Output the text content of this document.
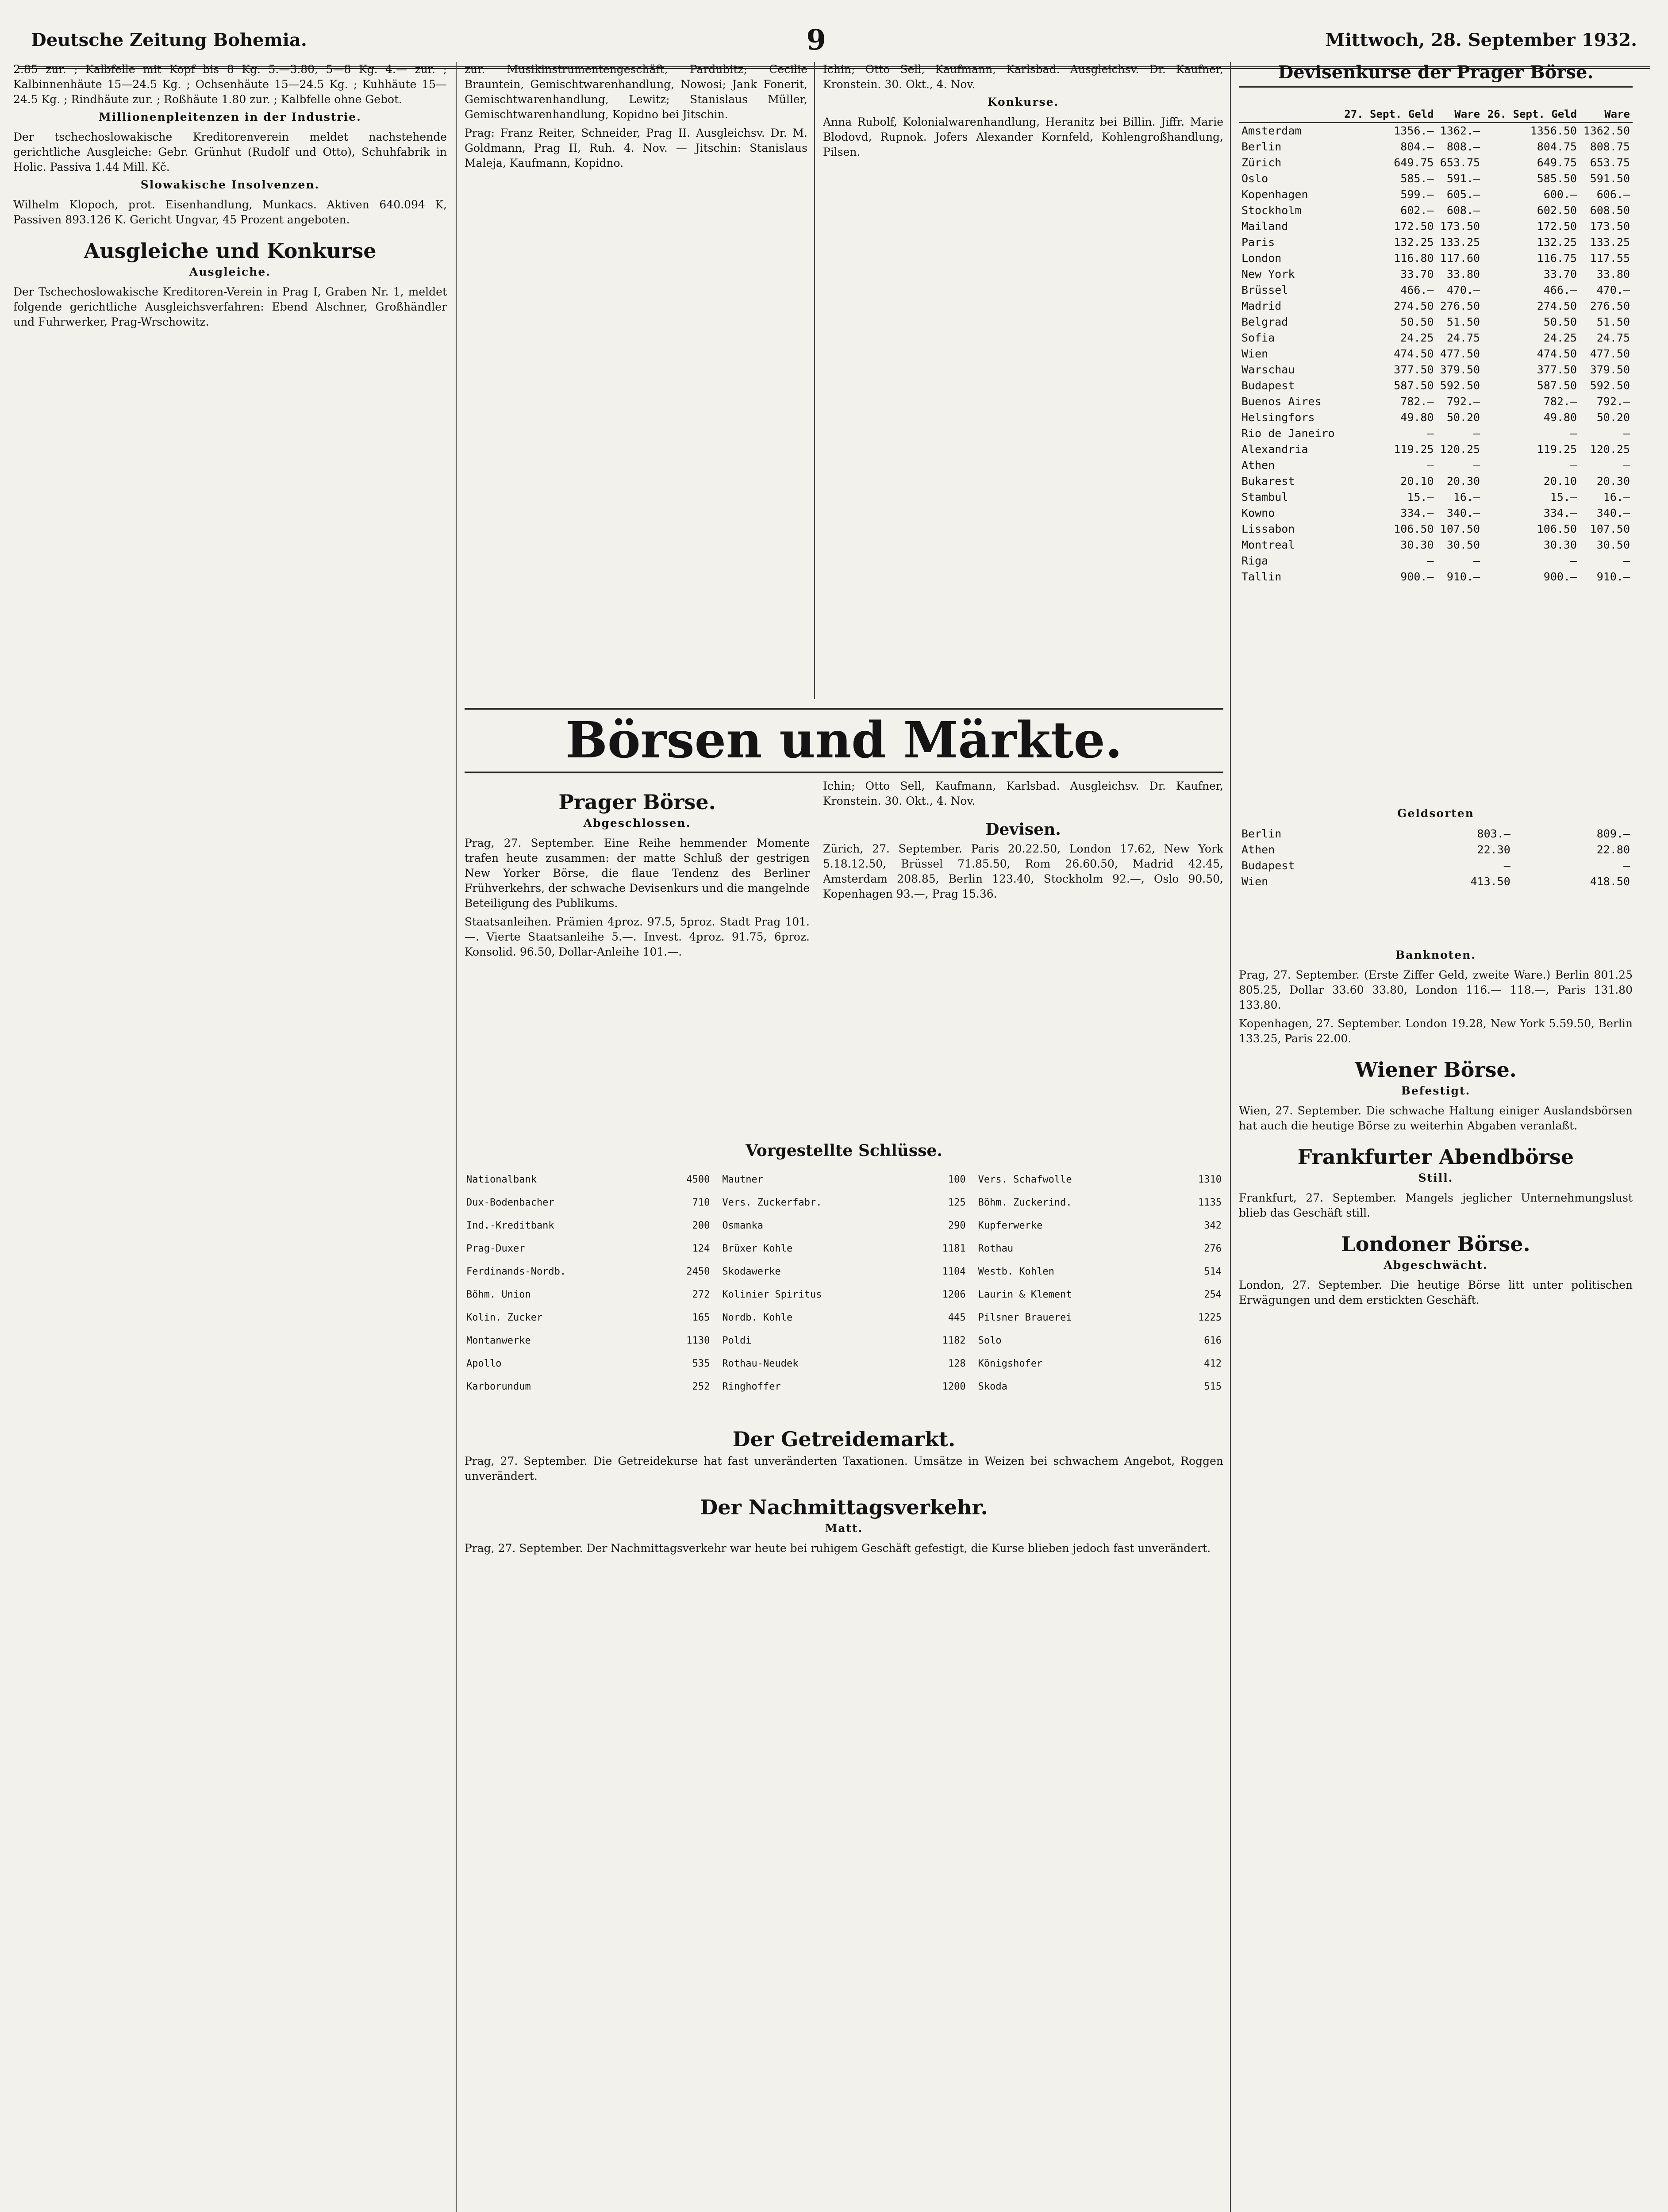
Deutsche Zeitung Bohemia.	9	Mittwoch, 28. September 1932.

2.85 zur. ; Kalbfelle mit Kopf bis 8 Kg. 5.—3.80, 5—8 Kg. 4.— zur. ; Kalbinnenhäute 15—24.5 Kg. ; Ochsenhäute 15—24.5 Kg. ; Kuhhäute 15—24.5 Kg. ; Rindhäute zur. ; Roßhäute 1.80 zur. ; Kalbfelle ohne Gebot.

Millionenpleitenzen in der Industrie.

Der tschechoslowakische Kreditorenverein meldet nachstehende gerichtliche Ausgleiche: Gebr. Grünhut (Rudolf und Otto), Schuhfabrik in Holic. Passiva 1.44 Mill. Kč.

Slowakische Insolvenzen.

Wilhelm Klopoch, prot. Eisenhandlung, Munkacs. Aktiven 640.094 K, Passiven 893.126 K. Gericht Ungvar, 45 Prozent angeboten.

Ausgleiche und Konkurse
Ausgleiche.

Der Tschechoslowakische Kreditoren-Verein in Prag I, Graben Nr. 1, meldet folgende gerichtliche Ausgleichsverfahren: Ebend Alschner, Großhändler und Fuhrwerker, Prag-Wrschowitz.

zur. Musikinstrumentengeschäft, Pardubitz; Cecilie Brauntein, Gemischtwarenhandlung, Nowosi; Jank Fonerit, Gemischtwarenhandlung, Lewitz; Stanislaus Müller, Gemischtwarenhandlung, Kopidno bei Jitschin.

Prag: Franz Reiter, Schneider, Prag II. Ausgleichsv. Dr. M. Goldmann, Prag II, Ruh. 4. Nov. — Jitschin: Stanislaus Maleja, Kaufmann, Kopidno.

Ichin; Otto Sell, Kaufmann, Karlsbad. Ausgleichsv. Dr. Kaufner, Kronstein. 30. Okt., 4. Nov.

Konkurse.

Anna Rubolf, Kolonialwarenhandlung, Heranitz bei Billin. Jiffr. Marie Blodovd, Rupnok. Jofers Alexander Kornfeld, Kohlengroßhandlung, Pilsen.

Börsen und Märkte.
Prager Börse.
Abgeschlossen.

Prag, 27. September. Eine Reihe hemmender Momente trafen heute zusammen: der matte Schluß der gestrigen New Yorker Börse, die flaue Tendenz des Berliner Frühverkehrs, der schwache Devisenkurs und die mangelnde Beteiligung des Publikums.

Staatsanleihen. Prämien 4proz. 97.5, 5proz. Stadt Prag 101.—. Vierte Staatsanleihe 5.—. Invest. 4proz. 91.75, 6proz. Konsolid. 96.50, Dollar-Anleihe 101.—.

Ichin; Otto Sell, Kaufmann, Karlsbad. Ausgleichsv. Dr. Kaufner, Kronstein. 30. Okt., 4. Nov.

Devisen.

Zürich, 27. September. Paris 20.22.50, London 17.62, New York 5.18.12.50, Brüssel 71.85.50, Rom 26.60.50, Madrid 42.45, Amsterdam 208.85, Berlin 123.40, Stockholm 92.—, Oslo 90.50, Kopenhagen 93.—, Prag 15.36.

Vorgestellte Schlüsse.
Nationalbank	4500
Dux-Bodenbacher	710
Ind.-Kreditbank	200
Prag-Duxer	124
Ferdinands-Nordb.	2450
Böhm. Union	272
Kolin. Zucker	165
Montanwerke	1130
Apollo	535
Karborundum	252
Mautner	100
Vers. Zuckerfabr.	125
Osmanka	290
Brüxer Kohle	1181
Skodawerke	1104
Kolinier Spiritus	1206
Nordb. Kohle	445
Poldi	1182
Rothau-Neudek	128
Ringhoffer	1200
Vers. Schafwolle	1310
Böhm. Zuckerind.	1135
Kupferwerke	342
Rothau	276
Westb. Kohlen	514
Laurin & Klement	254
Pilsner Brauerei	1225
Solo	616
Königshofer	412
Skoda	515
Der Getreidemarkt.

Prag, 27. September. Die Getreidekurse hat fast unveränderten Taxationen. Umsätze in Weizen bei schwachem Angebot, Roggen unverändert.

Der Nachmittagsverkehr.
Matt.

Prag, 27. September. Der Nachmittagsverkehr war heute bei ruhigem Geschäft gefestigt, die Kurse blieben jedoch fast unverändert.

Devisenkurse der Prager Börse.
	27. Sept. Geld	Ware	26. Sept. Geld	Ware
Amsterdam	1356.—	1362.—	1356.50	1362.50
Berlin	804.—	808.—	804.75	808.75
Zürich	649.75	653.75	649.75	653.75
Oslo	585.—	591.—	585.50	591.50
Kopenhagen	599.—	605.—	600.—	606.—
Stockholm	602.—	608.—	602.50	608.50
Mailand	172.50	173.50	172.50	173.50
Paris	132.25	133.25	132.25	133.25
London	116.80	117.60	116.75	117.55
New York	33.70	33.80	33.70	33.80
Brüssel	466.—	470.—	466.—	470.—
Madrid	274.50	276.50	274.50	276.50
Belgrad	50.50	51.50	50.50	51.50
Sofia	24.25	24.75	24.25	24.75
Wien	474.50	477.50	474.50	477.50
Warschau	377.50	379.50	377.50	379.50
Budapest	587.50	592.50	587.50	592.50
Buenos Aires	782.—	792.—	782.—	792.—
Helsingfors	49.80	50.20	49.80	50.20
Rio de Janeiro	—	—	—	—
Alexandria	119.25	120.25	119.25	120.25
Athen	—	—	—	—
Bukarest	20.10	20.30	20.10	20.30
Stambul	15.—	16.—	15.—	16.—
Kowno	334.—	340.—	334.—	340.—
Lissabon	106.50	107.50	106.50	107.50
Montreal	30.30	30.50	30.30	30.50
Riga	—	—	—	—
Tallin	900.—	910.—	900.—	910.—
Geldsorten
Berlin	803.—	809.—
Athen	22.30	22.80
Budapest	—	—
Wien	413.50	418.50
Banknoten.

Prag, 27. September. (Erste Ziffer Geld, zweite Ware.) Berlin 801.25 805.25, Dollar 33.60 33.80, London 116.— 118.—, Paris 131.80 133.80.

Kopenhagen, 27. September. London 19.28, New York 5.59.50, Berlin 133.25, Paris 22.00.

Wiener Börse.
Befestigt.

Wien, 27. September. Die schwache Haltung einiger Auslandsbörsen hat auch die heutige Börse zu weiterhin Abgaben veranlaßt.

Frankfurter Abendbörse
Still.

Frankfurt, 27. September. Mangels jeglicher Unternehmungslust blieb das Geschäft still.

Londoner Börse.
Abgeschwächt.

London, 27. September. Die heutige Börse litt unter politischen Erwägungen und dem erstickten Geschäft.
